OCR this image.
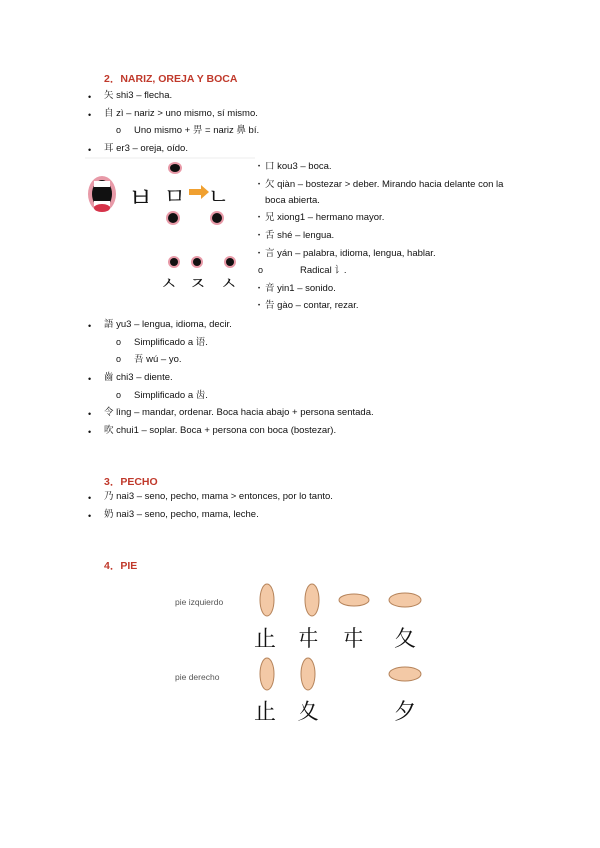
2．NARIZ, OREJA Y BOCA
• 矢 shi3 – flecha.
• 自 zì – nariz > uno mismo, sí mismo.
o Uno mismo + 畀 = nariz 鼻 bí.
• 耳 er3 – oreja, oído.
ㅂ ㅁ ㄴ
ㅅ ㅈ ㅅ
• 口 kou3 – boca.
• 欠 qiàn – bostezar > deber. Mirando hacia delante con la
boca abierta.
• 兄 xiong1 – hermano mayor.
• 舌 shé – lengua.
• 言 yán – palabra, idioma, lengua, hablar.
o	Radical 讠.
• 音 yin1 – sonido.
• 告 gào – contar, rezar.
• 語 yu3 – lengua, idioma, decir.
o Simplificado a 语.
o 吾 wú – yo.
• 齒 chi3 – diente.
o Simplificado a 齿.
• 令 lìng – mandar, ordenar. Boca hacia abajo + persona sentada.
• 吹 chui1 – soplar. Boca + persona con boca (bostezar).
3．PECHO
• 乃 nai3 – seno, pecho, mama > entonces, por lo tanto.
• 奶 nai3 – seno, pecho, mama, leche.
4．PIE
pie izquierdo
pie derecho
止 㐄 㐄 夂
止 夊	夕
